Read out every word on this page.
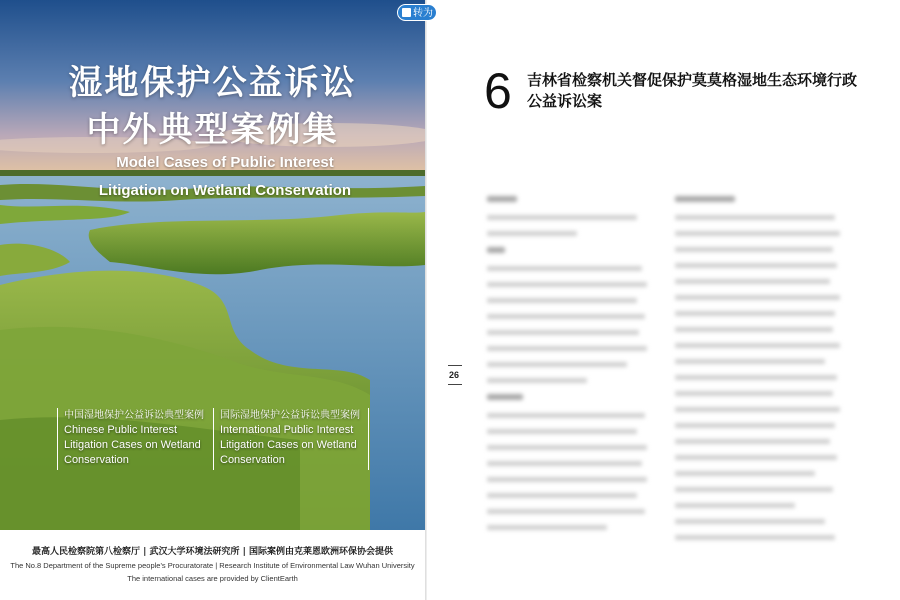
转为
湿地保护公益诉讼
中外典型案例集
Model Cases of Public Interest
Litigation on Wetland Conservation
中国湿地保护公益诉讼典型案例
Chinese Public Interest
Litigation Cases on Wetland
Conservation
国际湿地保护公益诉讼典型案例
International Public Interest
Litigation Cases on Wetland
Conservation
最高人民检察院第八检察厅 | 武汉大学环境法研究所 | 国际案例由克莱恩欧洲环保协会提供
The No.8 Department of the Supreme people's Procuratorate | Research Institute of Environmental Law Wuhan University
The international cases are provided by ClientEarth
6 吉林省检察机关督促保护莫莫格湿地生态环境行政公益诉讼案
26
